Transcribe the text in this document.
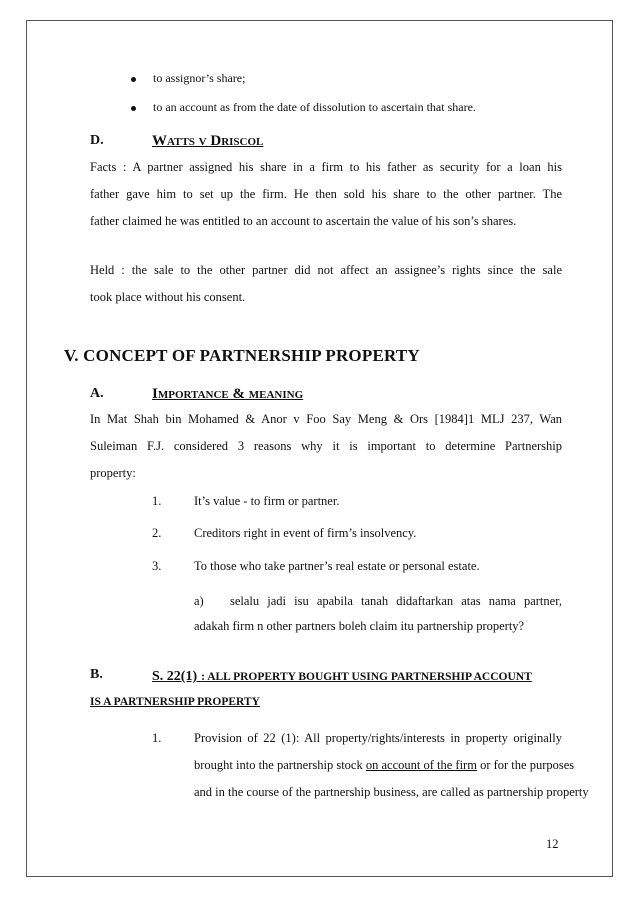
to assignor’s share;
to an account as from the date of dissolution to ascertain that share.
D.	Watts v Driscol
Facts : A partner assigned his share in a firm to his father as security for a loan his
father gave him to set up the firm. He then sold his share to the other partner. The
father claimed he was entitled to an account to ascertain the value of his son’s shares.
Held : the sale to the other partner did not affect an assignee’s rights since the sale
took place without his consent.
V. CONCEPT OF PARTNERSHIP PROPERTY
A.	Importance & meaning
In Mat Shah bin Mohamed & Anor v Foo Say Meng & Ors [1984]1 MLJ 237, Wan
Suleiman F.J. considered 3 reasons why it is important to determine Partnership
property:
1.	It’s value - to firm or partner.
2.	Creditors right in event of firm’s insolvency.
3.	To those who take partner’s real estate or personal estate.
a) selalu jadi isu apabila tanah didaftarkan atas nama partner,
adakah firm n other partners boleh claim itu partnership property?
B.	S. 22(1) : ALL PROPERTY BOUGHT USING PARTNERSHIP ACCOUNT
IS A PARTNERSHIP PROPERTY
1.	Provision of 22 (1): All property/rights/interests in property originally
brought into the partnership stock on account of the firm or for the purposes
and in the course of the partnership business, are called as partnership property
12
